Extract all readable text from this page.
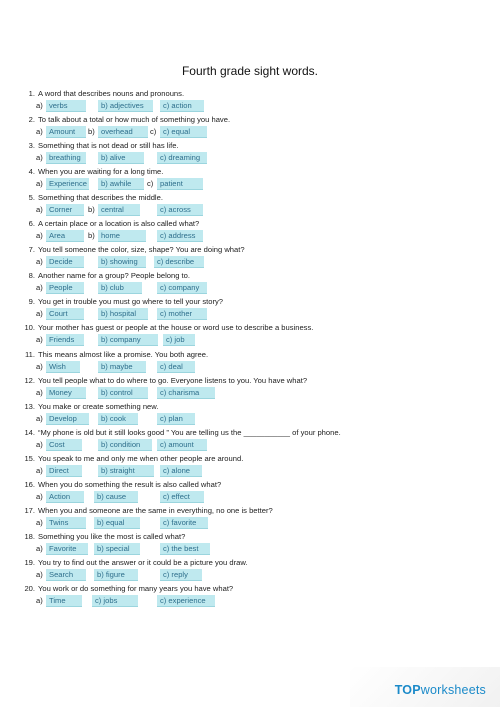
Fourth grade sight words.
1. A word that describes nouns and pronouns.
a) verbs	b) adjectives	c) action
2. To talk about a total or how much of something you have.
a) Amount b) overhead c) c) equal
3. Something that is not dead or still has life.
a) breathing	b) alive	c) dreaming
4. When you are waiting for a long time.
a) Experience b) awhile c) patient
5. Something that describes the middle.
a) Corner b) central	c) across
6. A certain place or a location is also called what?
a) Area	b) home	c) address
7. You tell someone the color, size, shape? You are doing what?
a) Decide	b) showing	c) describe
8. Another name for a group? People belong to.
a) People	b) club	c) company
9. You get in trouble you must go where to tell your story?
a) Court	b) hospital	c) mother
10. Your mother has guest or people at the house or word use to describe a business.
a) Friends	b) company	c) job
11. This means almost like a promise. You both agree.
a) Wish	b) maybe	c) deal
12. You tell people what to do where to go. Everyone listens to you. You have what?
a) Money	b) control	c) charisma
13. You make or create something new.
a) Develop	b) cook	c) plan
14. “My phone is old but it still looks good ” You are telling us the ___________ of your phone.
a) Cost	b) condition	c) amount
15. You speak to me and only me when other people are around.
a) Direct	b) straight	c) alone
16. When you do something the result is also called what?
a) Action	b) cause	c) effect
17. When you and someone are the same in everything, no one is better?
a) Twins	b) equal	c) favorite
18. Something you like the most is called what?
a) Favorite	b) special	c) the best
19. You try to find out the answer or it could be a picture you draw.
a) Search	b) figure	c) reply
20. You work or do something for many years you have what?
a) Time	c) jobs	c) experience
TOPworksheets
